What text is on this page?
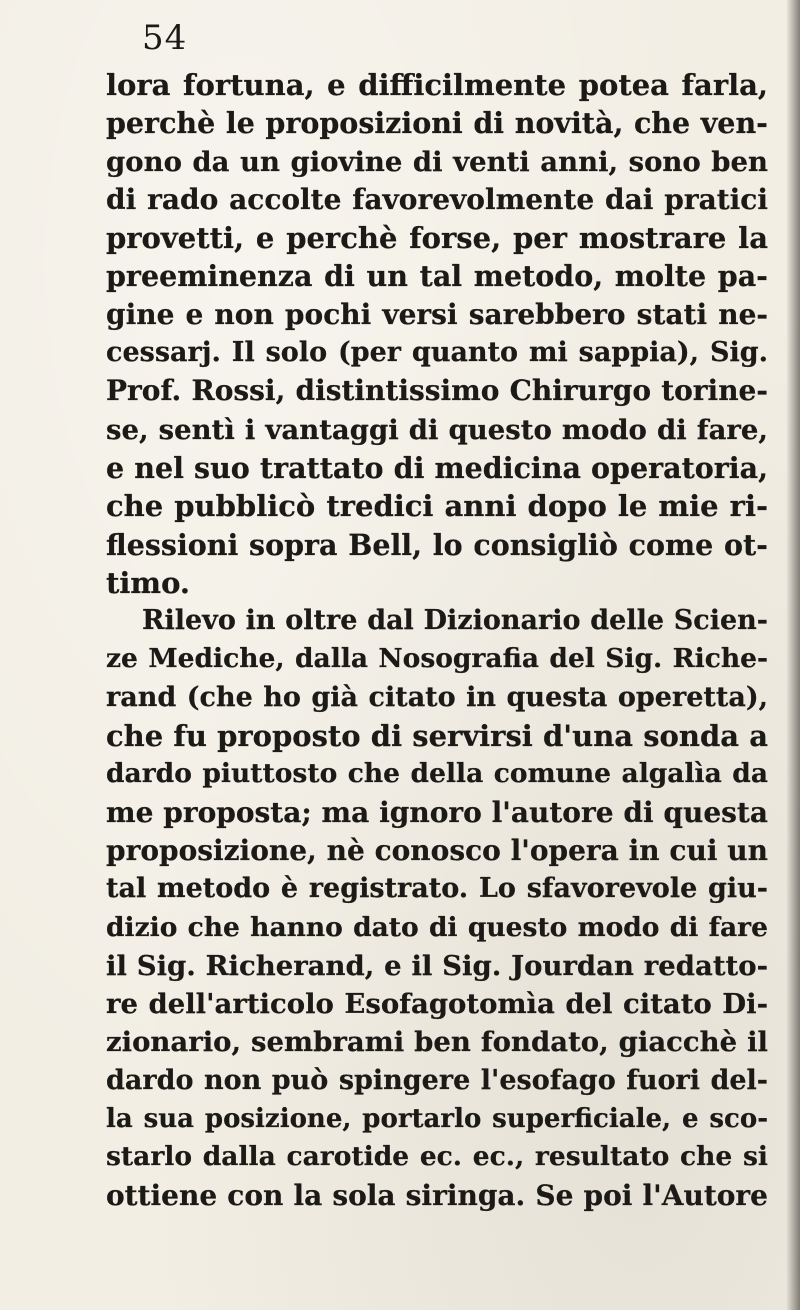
54
lora fortuna, e difficilmente potea farla,
perchè le proposizioni di novità, che ven-
gono da un giovine di venti anni, sono ben
di rado accolte favorevolmente dai pratici
provetti, e perchè forse, per mostrare la
preeminenza di un tal metodo, molte pa-
gine e non pochi versi sarebbero stati ne-
cessarj. Il solo (per quanto mi sappia), Sig.
Prof. Rossi, distintissimo Chirurgo torine-
se, sentì i vantaggi di questo modo di fare,
e nel suo trattato di medicina operatoria,
che pubblicò tredici anni dopo le mie ri-
flessioni sopra Bell, lo consigliò come ot-
timo.
Rilevo in oltre dal Dizionario delle Scien-
ze Mediche, dalla Nosografia del Sig. Riche-
rand (che ho già citato in questa operetta),
che fu proposto di servirsi d'una sonda a
dardo piuttosto che della comune algalìa da
me proposta; ma ignoro l'autore di questa
proposizione, nè conosco l'opera in cui un
tal metodo è registrato. Lo sfavorevole giu-
dizio che hanno dato di questo modo di fare
il Sig. Richerand, e il Sig. Jourdan redatto-
re dell'articolo Esofagotomìa del citato Di-
zionario, sembrami ben fondato, giacchè il
dardo non può spingere l'esofago fuori del-
la sua posizione, portarlo superficiale, e sco-
starlo dalla carotide ec. ec., resultato che si
ottiene con la sola siringa. Se poi l'Autore
